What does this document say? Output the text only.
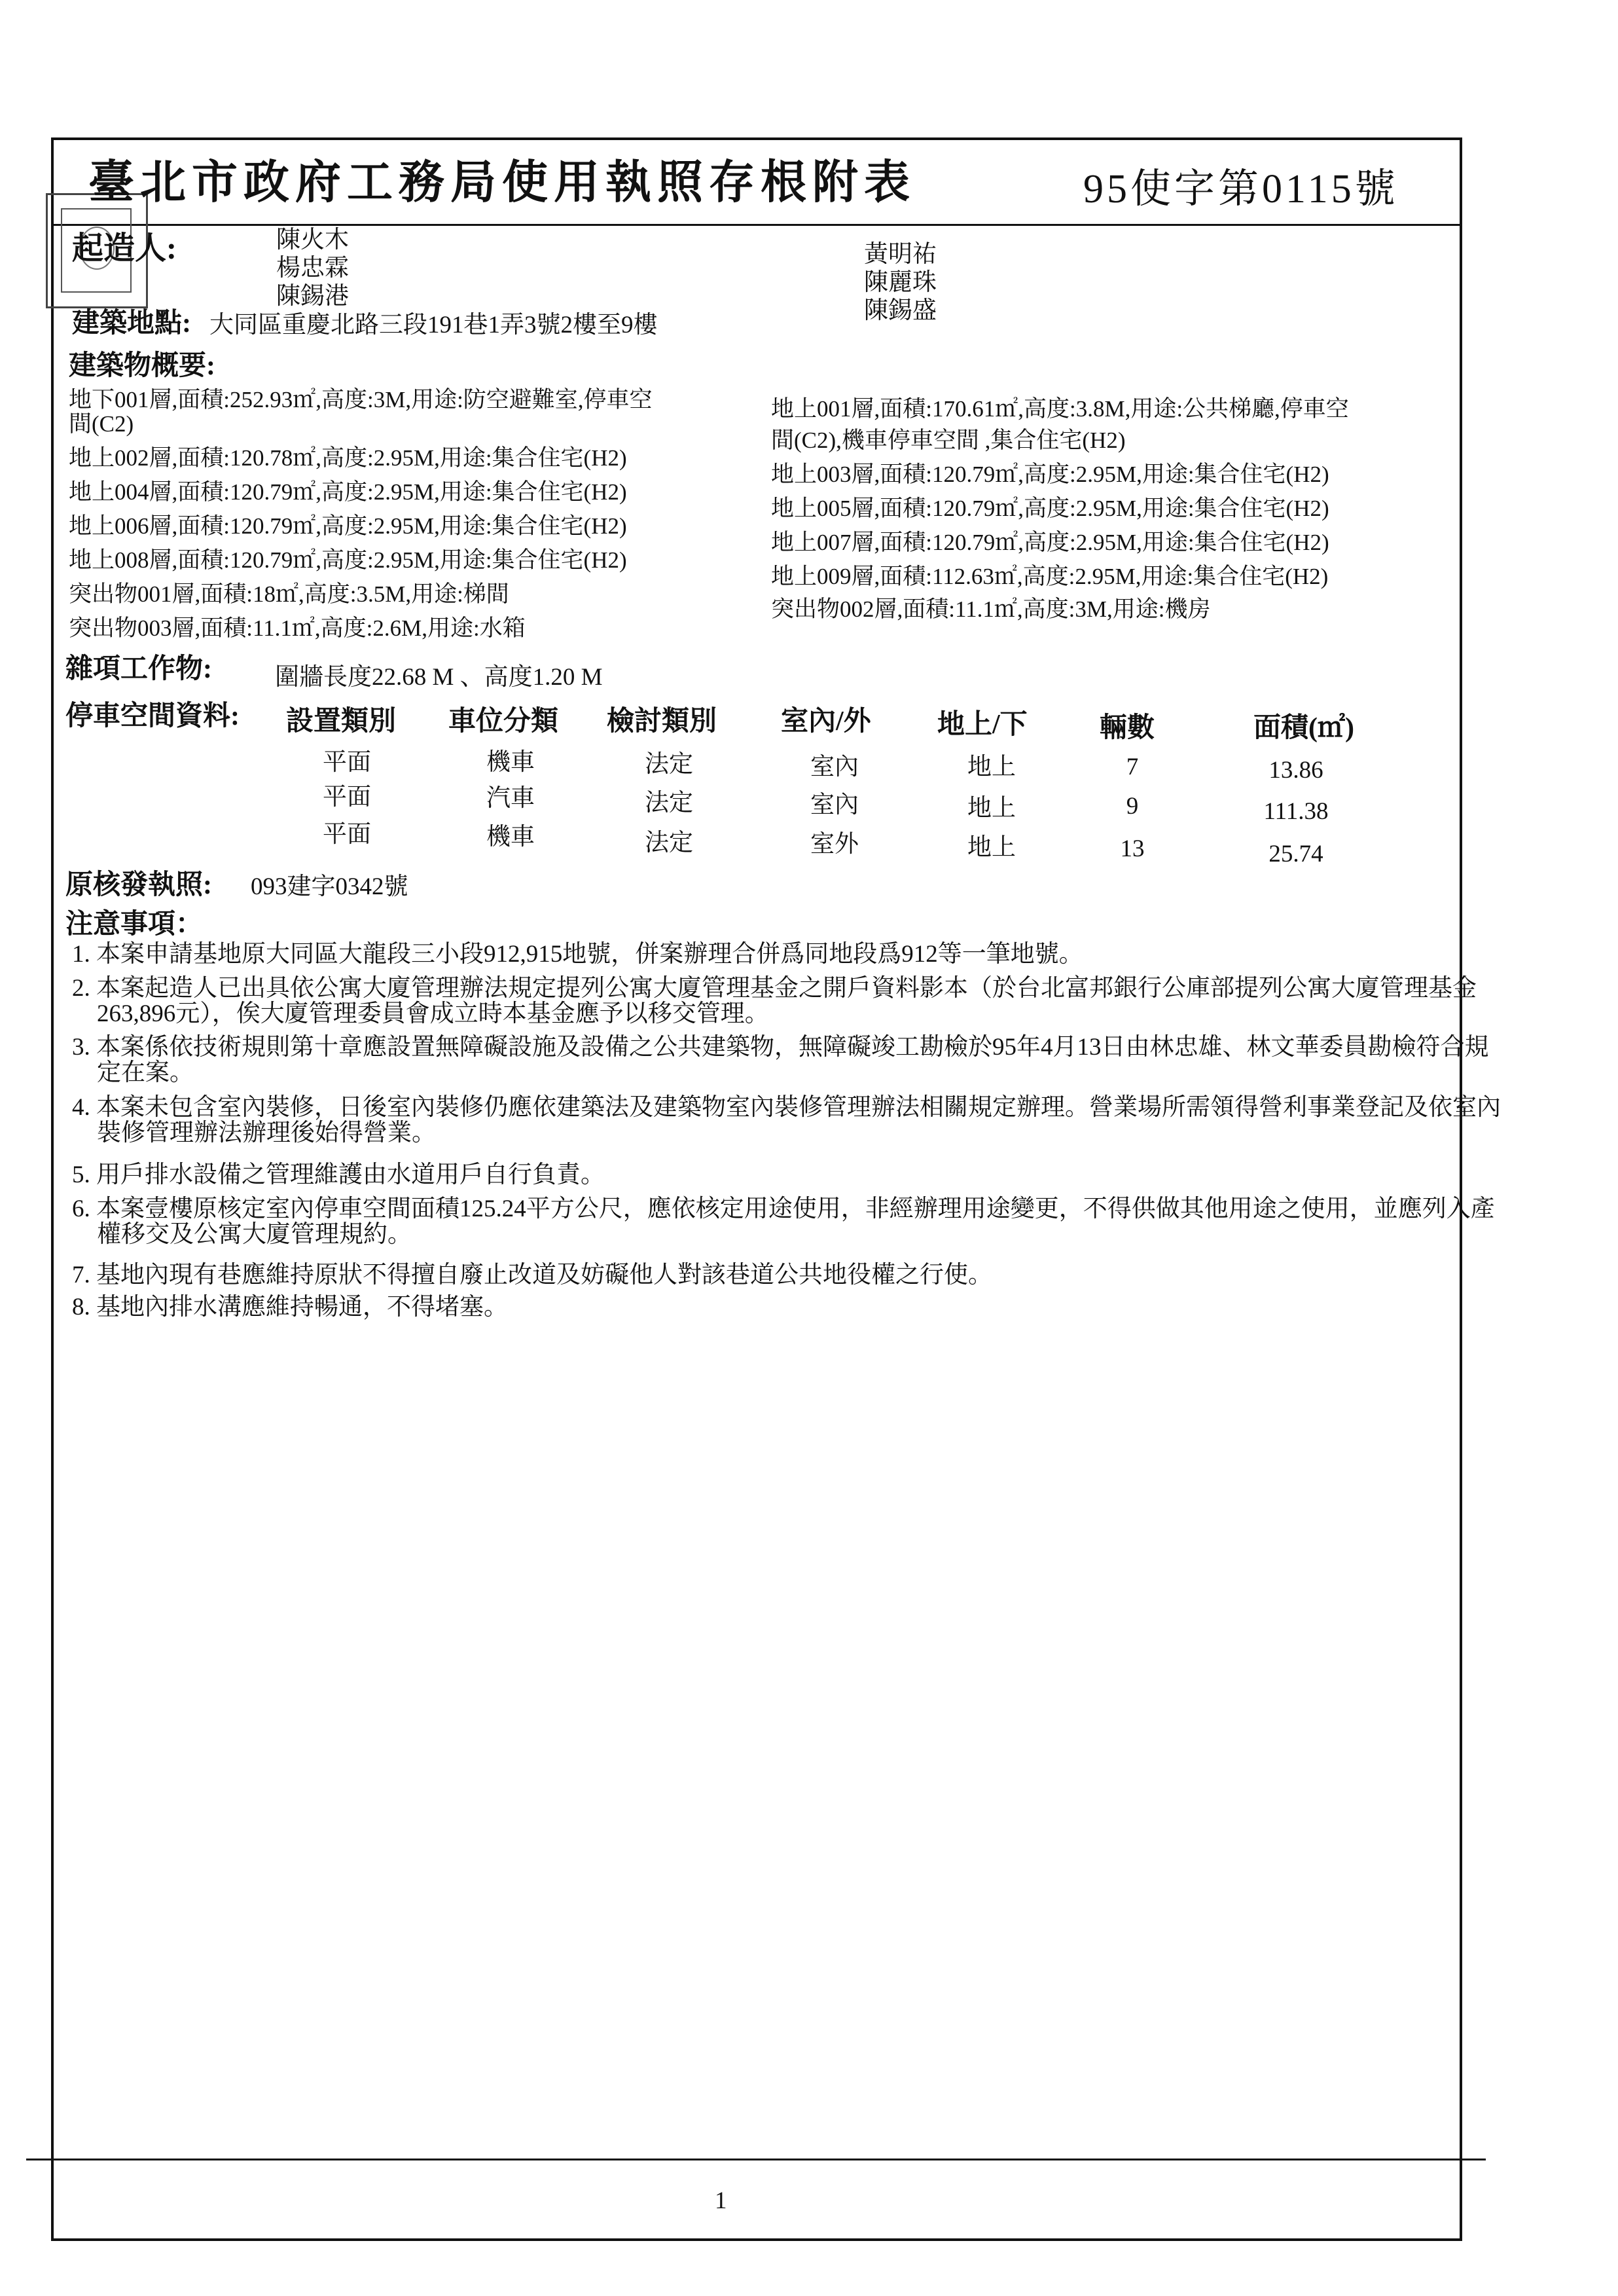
臺北市政府工務局使用執照存根附表	95使字第0115號
起造人:	陳火木
楊忠霖
陳錫港
黃明祐
陳麗珠
陳錫盛
建築地點: 大同區重慶北路三段191巷1弄3號2樓至9樓
建築物概要:
地下001層,面積:252.93㎡,高度:3M,用途:防空避難室,停車空
間(C2)
地上002層,面積:120.78㎡,高度:2.95M,用途:集合住宅(H2)
地上004層,面積:120.79㎡,高度:2.95M,用途:集合住宅(H2)
地上006層,面積:120.79㎡,高度:2.95M,用途:集合住宅(H2)
地上008層,面積:120.79㎡,高度:2.95M,用途:集合住宅(H2)
突出物001層,面積:18㎡,高度:3.5M,用途:梯間
突出物003層,面積:11.1㎡,高度:2.6M,用途:水箱
地上001層,面積:170.61㎡,高度:3.8M,用途:公共梯廳,停車空
間(C2),機車停車空間 ,集合住宅(H2)
地上003層,面積:120.79㎡,高度:2.95M,用途:集合住宅(H2)
地上005層,面積:120.79㎡,高度:2.95M,用途:集合住宅(H2)
地上007層,面積:120.79㎡,高度:2.95M,用途:集合住宅(H2)
地上009層,面積:112.63㎡,高度:2.95M,用途:集合住宅(H2)
突出物002層,面積:11.1㎡,高度:3M,用途:機房
雜項工作物:	圍牆長度22.68 M 、高度1.20 M
停車空間資料: 設置類別 車位分類 檢討類別 室內/外 地上/下	輛數	面積(㎡)
平面	機車	法定	室內	地上	7	13.86
平面	汽車	法定	室內	地上	9	111.38
平面	機車	法定	室外	地上	13	25.74
原核發執照: 093建字0342號
注意事項：
1. 本案申請基地原大同區大龍段三小段912,915地號，併案辦理合併爲同地段爲912等一筆地號。
2. 本案起造人已出具依公寓大廈管理辦法規定提列公寓大廈管理基金之開戶資料影本（於台北富邦銀行公庫部提列公寓大廈管理基金263,896元），俟大廈管理委員會成立時本基金應予以移交管理。
3. 本案係依技術規則第十章應設置無障礙設施及設備之公共建築物，無障礙竣工勘檢於95年4月13日由林忠雄、林文華委員勘檢符合規定在案。
4. 本案未包含室內裝修，日後室內裝修仍應依建築法及建築物室內裝修管理辦法相關規定辦理。營業場所需領得營利事業登記及依室內裝修管理辦法辦理後始得營業。
5. 用戶排水設備之管理維護由水道用戶自行負責。
6. 本案壹樓原核定室內停車空間面積125.24平方公尺，應依核定用途使用，非經辦理用途變更，不得供做其他用途之使用，並應列入產權移交及公寓大廈管理規約。
7. 基地內現有巷應維持原狀不得擅自廢止改道及妨礙他人對該巷道公共地役權之行使。
8. 基地內排水溝應維持暢通，不得堵塞。
1
